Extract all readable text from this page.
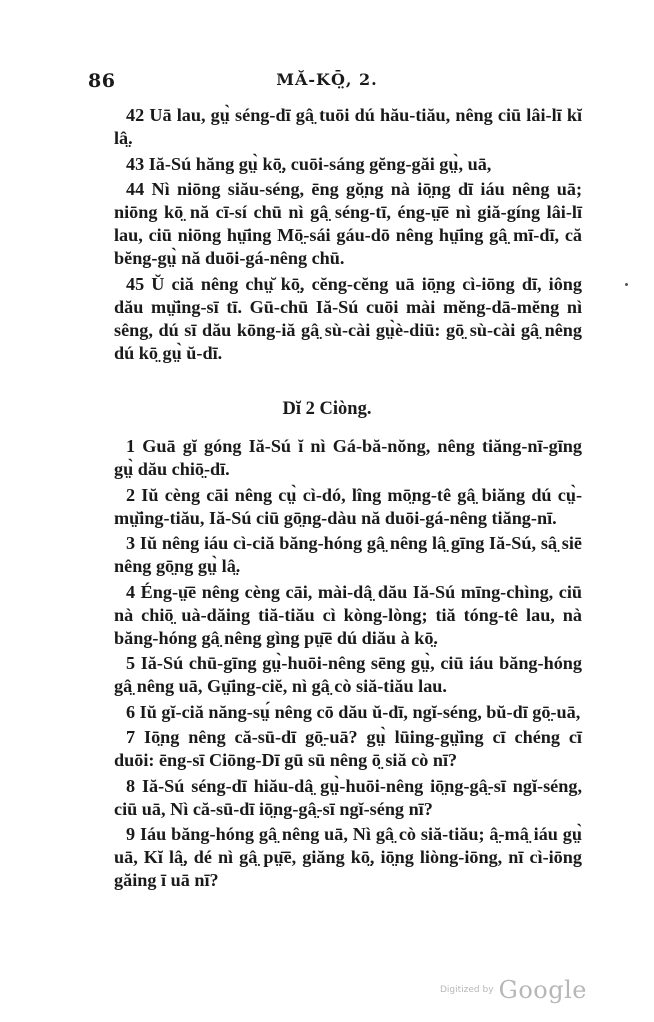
86	MĂ-KŌ̤, 2.

42 Uā lau, gṳ̀ séng-dī gâ̤ tuōi dú hău-tiău, nêng ciū lâi-lī kĭ lâ̤.

43 Iă-Sú hăng gṳ̀ kō̤, cuōi-sáng gĕng-găi gṳ̀, uā,

44 Nì niōng siău-séng, ēng gŏ̤ng nà iō̤ng dī iáu nêng uā; niōng kō̤ nă cī-sí chū nì gâ̤ séng-tī, éng-ṳ̄ē nì giă-gíng lâi-lī lau, ciū niōng hṳ̄ing Mō̤-sái gáu-dō nêng hṳ̄ing gâ̤ mī-dī, că bĕng-gṳ̀ nă duōi-gá-nêng chū.

45 Ŭ ciă nêng chṳ̆ kō̤, cĕng-cĕng uā iō̤ng cì-iōng dī, iông dău mṳ̆ing-sī tī. Gū-chū Iă-Sú cuōi mài mĕng-dā-mĕng nì sêng, dú sī dău kōng-iă gâ̤ sù-cài gṳ̀è-diū: gō̤ sù-cài gâ̤ nêng dú kō̤ gṳ̀ ŭ-dī.

Dĭ 2 Ciòng.

1 Guā gĭ góng Iă-Sú ĭ nì Gá-bă-nŏng, nêng tiăng-nī-gīng gṳ̀ dău chiō̤-dī.

2 Iŭ cèng cāi nêng cṳ̀ cì-dó, lîng mō̤ng-tê gâ̤ biăng dú cṳ̀-mṳ̆ing-tiău, Iă-Sú ciū gō̤ng-dàu nă duōi-gá-nêng tiăng-nī.

3 Iŭ nêng iáu cì-ciă băng-hóng gâ̤ nêng lâ̤ gīng Iă-Sú, sâ̤ siē nêng gō̤ng gṳ̀ lâ̤.

4 Éng-ṳ̄ē nêng cèng cāi, mài-dâ̤ dău Iă-Sú mīng-chìng, ciū nà chiō̤ uà-dăing tiă-tiău cì kòng-lòng; tiă tóng-tê lau, nà băng-hóng gâ̤ nêng gìng pṳ̄ē dú diău à kō̤.

5 Iă-Sú chū-gīng gṳ̀-huōi-nêng sēng gṳ̀, ciū iáu băng-hóng gâ̤ nêng uā, Gṳ̄ing-ciĕ, nì gâ̤ cò siă-tiău lau.

6 Iŭ gĭ-ciă năng-sṳ́ nêng cō dău ŭ-dī, ngĭ-séng, bŭ-dī gō̤-uā,

7 Iō̤ng nêng că-sū-dī gō̤-uā? gṳ̀ lūing-gṳ̆ing cī chéng cī duōi: ēng-sī Ciōng-Dī gū sū nêng ō̤ siă cò nī?

8 Iă-Sú séng-dī hiău-dâ̤ gṳ̀-huōi-nêng iō̤ng-gâ̤-sī ngĭ-séng, ciū uā, Nì că-sū-dī iō̤ng-gâ̤-sī ngĭ-séng nī?

9 Iáu băng-hóng gâ̤ nêng uā, Nì gâ̤ cò siă-tiău; â̤-mâ̤ iáu gṳ̀ uā, Kĭ lâ̤, dé nì gâ̤ pṳ̄ē, giăng kō̤, iō̤ng liòng-iōng, nī cì-iōng găing ī uā nī?

Digitized by Google
